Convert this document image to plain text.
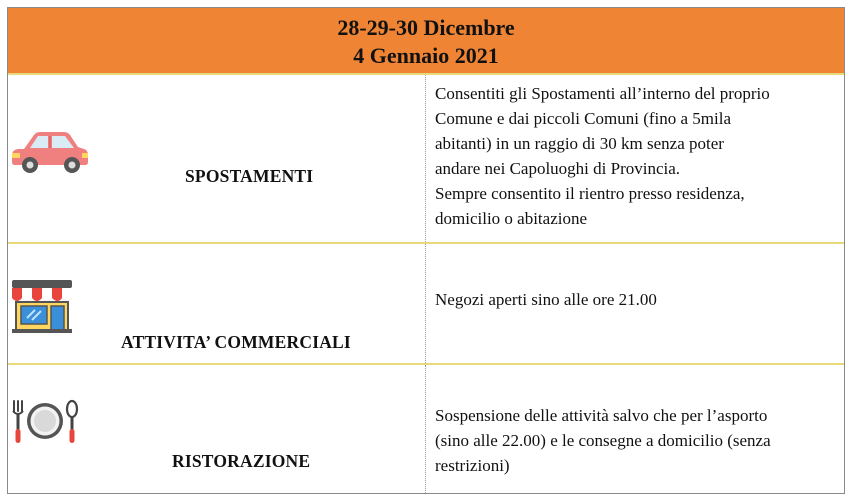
28-29-30 Dicembre
4 Gennaio 2021
SPOSTAMENTI
Consentiti gli Spostamenti all’interno del proprio
Comune e dai piccoli Comuni (fino a 5mila
abitanti) in un raggio di 30 km senza poter
andare nei Capoluoghi di Provincia.
Sempre consentito il rientro presso residenza,
domicilio o abitazione
ATTIVITA’ COMMERCIALI
Negozi aperti sino alle ore 21.00
RISTORAZIONE
Sospensione delle attività salvo che per l’asporto
(sino alle 22.00) e le consegne a domicilio (senza
restrizioni)
